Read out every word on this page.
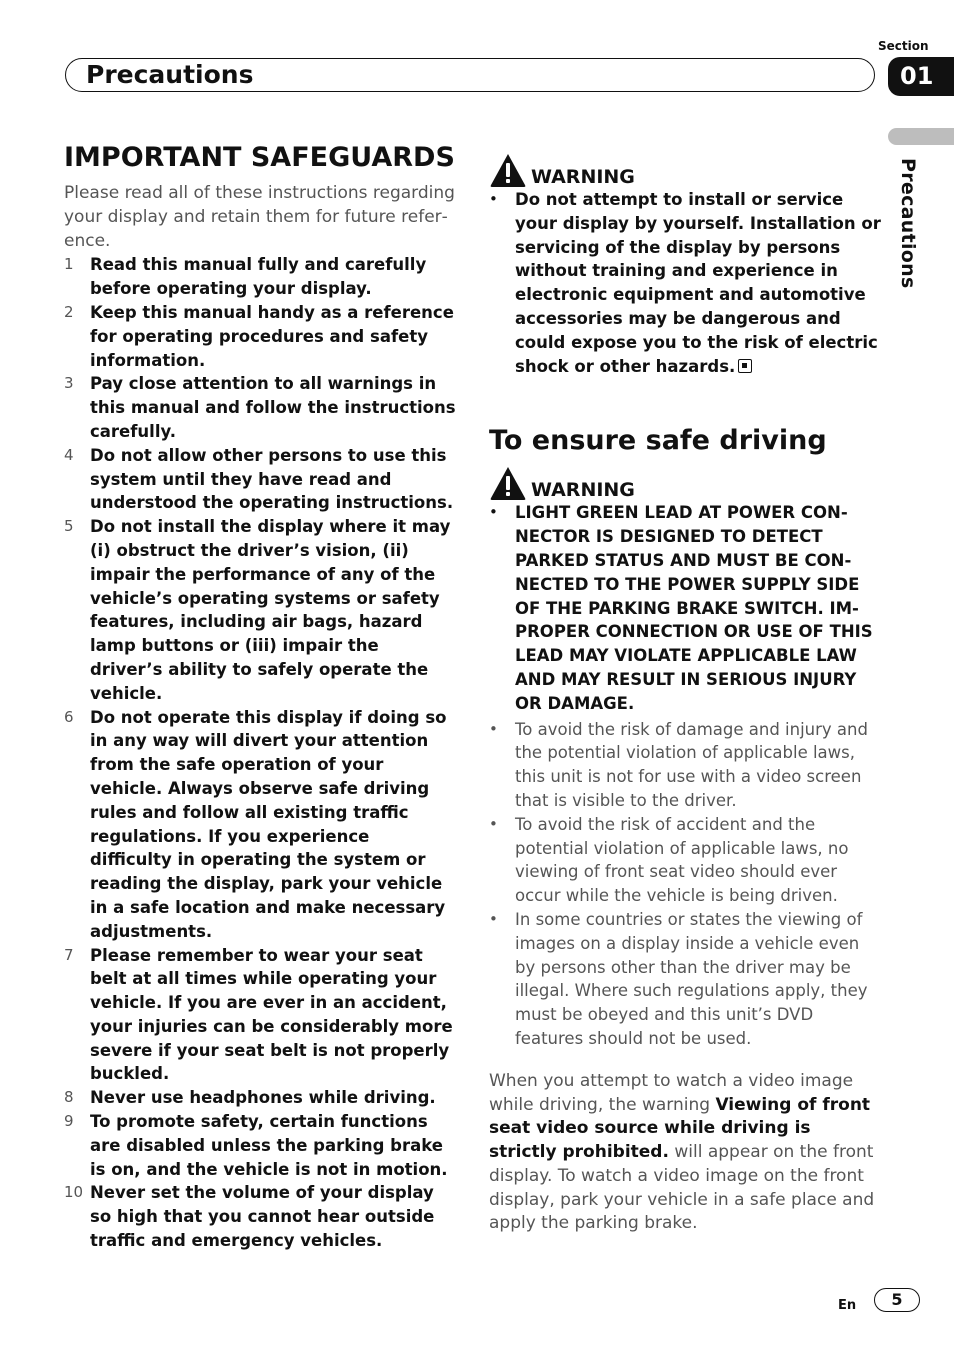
Section
01
Precautions
Precautions
IMPORTANT SAFEGUARDS

Please read all of these instructions regarding your display and retain them for future reference.

1 Read this manual fully and carefully before operating your display.
2 Keep this manual handy as a reference for operating procedures and safety information.
3 Pay close attention to all warnings in this manual and follow the instructions carefully.
4 Do not allow other persons to use this system until they have read and understood the operating instructions.
5 Do not install the display where it may (i) obstruct the driver’s vision, (ii) impair the performance of any of the vehicle’s operating systems or safety features, including air bags, hazard lamp buttons or (iii) impair the driver’s ability to safely operate the vehicle.
6 Do not operate this display if doing so in any way will divert your attention from the safe operation of your vehicle. Always observe safe driving rules and follow all existing traffic regulations. If you experience difficulty in operating the system or reading the display, park your vehicle in a safe location and make necessary adjustments.
7 Please remember to wear your seat belt at all times while operating your vehicle. If you are ever in an accident, your injuries can be considerably more severe if your seat belt is not properly buckled.
8 Never use headphones while driving.
9 To promote safety, certain functions are disabled unless the parking brake is on, and the vehicle is not in motion.
10 Never set the volume of your display so high that you cannot hear outside traffic and emergency vehicles.
WARNING
•	Do not attempt to install or service your display by yourself. Installation or servicing of the display by persons without training and experience in electronic equipment and automotive accessories may be dangerous and could expose you to the risk of electric shock or other hazards.
To ensure safe driving
WARNING
•	LIGHT GREEN LEAD AT POWER CONNECTOR IS DESIGNED TO DETECT PARKED STATUS AND MUST BE CONNECTED TO THE POWER SUPPLY SIDE OF THE PARKING BRAKE SWITCH. IMPROPER CONNECTION OR USE OF THIS LEAD MAY VIOLATE APPLICABLE LAW AND MAY RESULT IN SERIOUS INJURY OR DAMAGE.
•	To avoid the risk of damage and injury and the potential violation of applicable laws, this unit is not for use with a video screen that is visible to the driver.
•	To avoid the risk of accident and the potential violation of applicable laws, no viewing of front seat video should ever occur while the vehicle is being driven.
•	In some countries or states the viewing of images on a display inside a vehicle even by persons other than the driver may be illegal. Where such regulations apply, they must be obeyed and this unit’s DVD features should not be used.

When you attempt to watch a video image while driving, the warning Viewing of front seat video source while driving is strictly prohibited. will appear on the front display. To watch a video image on the front display, park your vehicle in a safe place and apply the parking brake.

En	5
